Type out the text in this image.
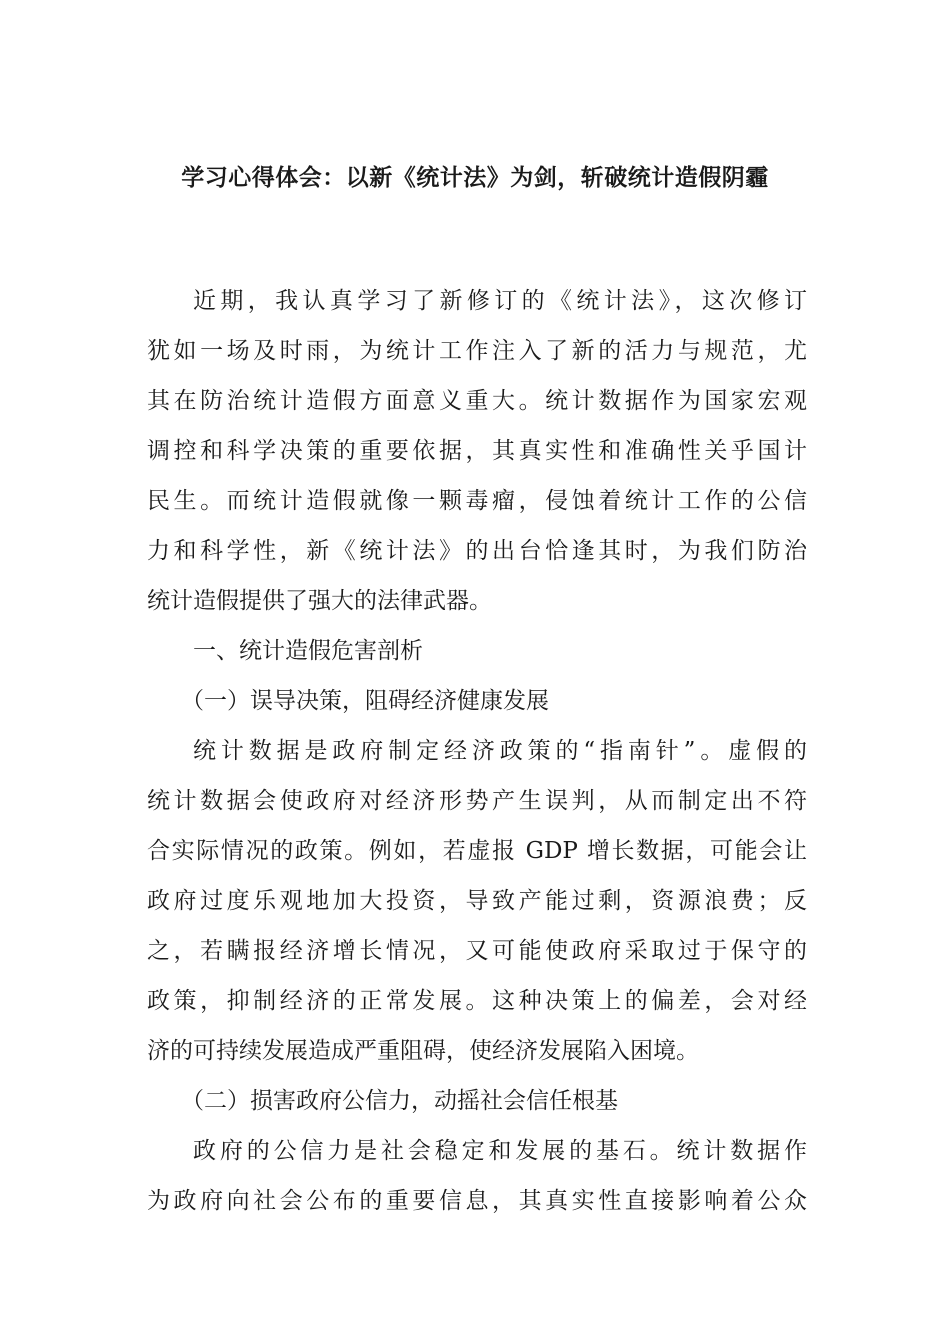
学习心得体会：以新《统计法》为剑，斩破统计造假阴霾
近期，我认真学习了新修订的《统计法》，这次修订
犹如一场及时雨，为统计工作注入了新的活力与规范，尤
其在防治统计造假方面意义重大。统计数据作为国家宏观
调控和科学决策的重要依据，其真实性和准确性关乎国计
民生。而统计造假就像一颗毒瘤，侵蚀着统计工作的公信
力和科学性，新《统计法》的出台恰逢其时，为我们防治
统计造假提供了强大的法律武器。
一、统计造假危害剖析
（一）误导决策，阻碍经济健康发展
统计数据是政府制定经济政策的“指南针”。虚假的
统计数据会使政府对经济形势产生误判，从而制定出不符
合实际情况的政策。例如，若虚报 GDP 增长数据，可能会让
政府过度乐观地加大投资，导致产能过剩，资源浪费；反
之，若瞒报经济增长情况，又可能使政府采取过于保守的
政策，抑制经济的正常发展。这种决策上的偏差，会对经
济的可持续发展造成严重阻碍，使经济发展陷入困境。
（二）损害政府公信力，动摇社会信任根基
政府的公信力是社会稳定和发展的基石。统计数据作
为政府向社会公布的重要信息，其真实性直接影响着公众
